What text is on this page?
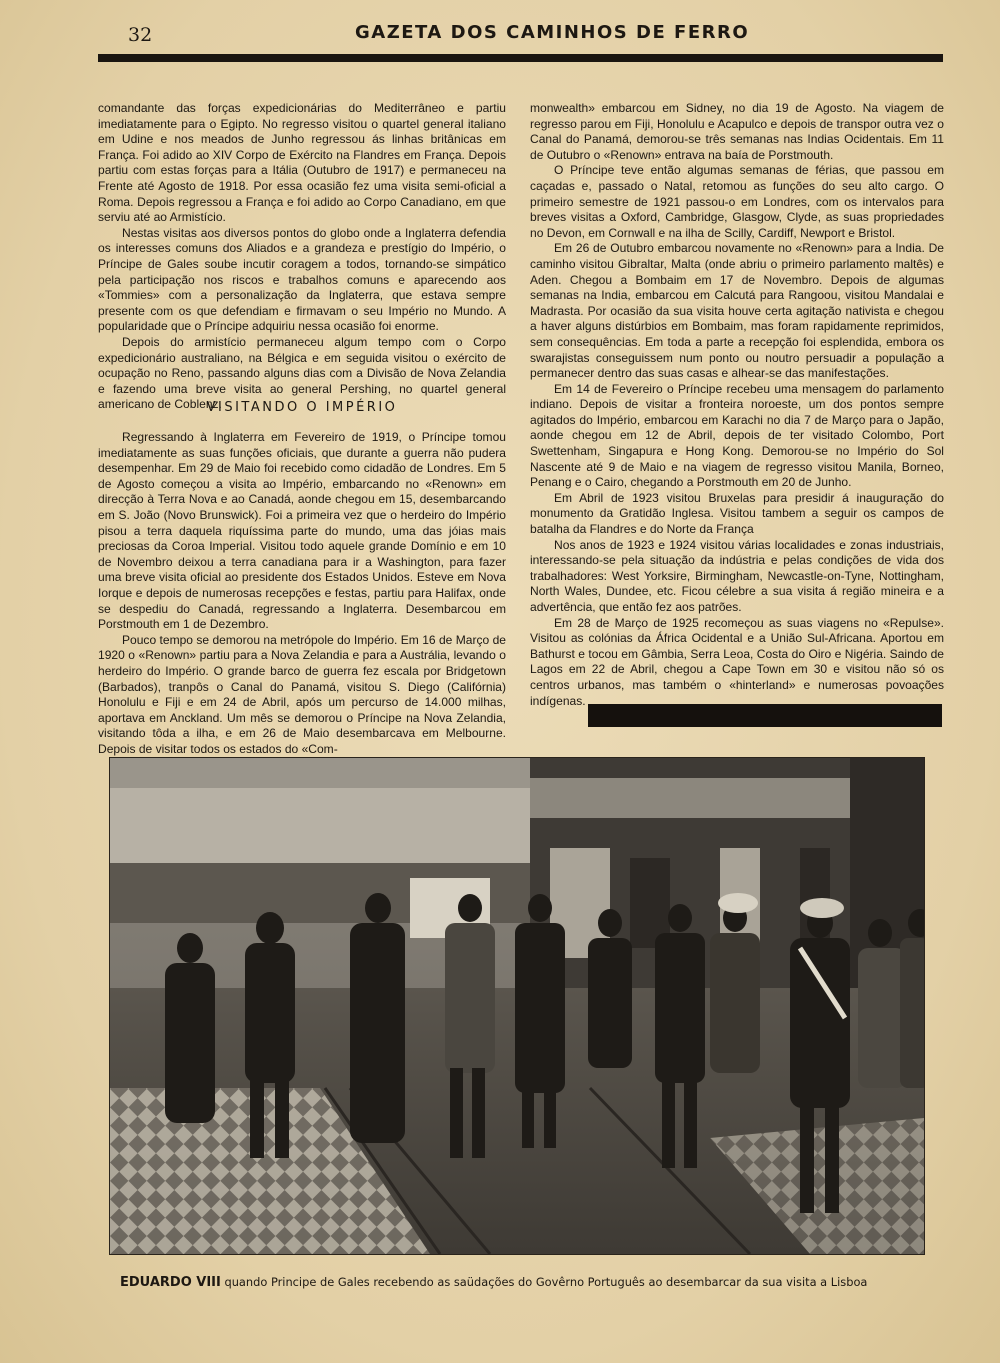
32	GAZETA DOS CAMINHOS DE FERRO

comandante das forças expedicionárias do Mediterrâneo e partiu imediatamente para o Egipto. No regresso visitou o quartel general italiano em Udine e nos meados de Junho regressou ás linhas britânicas em França. Foi adido ao XIV Corpo de Exército na Flandres em França. Depois partiu com estas forças para a Itália (Outubro de 1917) e permaneceu na Frente até Agosto de 1918. Por essa ocasião fez uma visita semi-oficial a Roma. Depois regressou a França e foi adido ao Corpo Canadiano, em que serviu até ao Armistício.

Nestas visitas aos diversos pontos do globo onde a Inglaterra defendia os interesses comuns dos Aliados e a grandeza e prestígio do Império, o Príncipe de Gales soube incutir coragem a todos, tornando-se simpático pela participação nos riscos e trabalhos comuns e aparecendo aos «Tommies» com a personalização da Inglaterra, que estava sempre presente com os que defendiam e firmavam o seu Império no Mundo. A popularidade que o Príncipe adquiriu nessa ocasião foi enorme.

Depois do armistício permaneceu algum tempo com o Corpo expedicionário australiano, na Bélgica e em seguida visitou o exército de ocupação no Reno, passando alguns dias com a Divisão de Nova Zelandia e fazendo uma breve visita ao general Pershing, no quartel general americano de Coblenz.

VISITANDO O IMPÉRIO

Regressando à Inglaterra em Fevereiro de 1919, o Príncipe tomou imediatamente as suas funções oficiais, que durante a guerra não pudera desempenhar. Em 29 de Maio foi recebido como cidadão de Londres. Em 5 de Agosto começou a visita ao Império, embarcando no «Renown» em direcção à Terra Nova e ao Canadá, aonde chegou em 15, desembarcando em S. João (Novo Brunswick). Foi a primeira vez que o herdeiro do Império pisou a terra daquela riquíssima parte do mundo, uma das jóias mais preciosas da Coroa Imperial. Visitou todo aquele grande Domínio e em 10 de Novembro deixou a terra canadiana para ir a Washington, para fazer uma breve visita oficial ao presidente dos Estados Unidos. Esteve em Nova Iorque e depois de numerosas recepções e festas, partiu para Halifax, onde se despediu do Canadá, regressando a Inglaterra. Desembarcou em Porstmouth em 1 de Dezembro.

Pouco tempo se demorou na metrópole do Império. Em 16 de Março de 1920 o «Renown» partiu para a Nova Zelandia e para a Austrália, levando o herdeiro do Império. O grande barco de guerra fez escala por Bridgetown (Barbados), tranpôs o Canal do Panamá, visitou S. Diego (Califórnia) Honolulu e Fiji e em 24 de Abril, após um percurso de 14.000 milhas, aportava em Anckland. Um mês se demorou o Príncipe na Nova Zelandia, visitando tôda a ilha, e em 26 de Maio desembarcava em Melbourne. Depois de visitar todos os estados do «Com-

monwealth» embarcou em Sidney, no dia 19 de Agosto. Na viagem de regresso parou em Fiji, Honolulu e Acapulco e depois de transpor outra vez o Canal do Panamá, demorou-se três semanas nas Indias Ocidentais. Em 11 de Outubro o «Renown» entrava na baía de Porstmouth.

O Príncipe teve então algumas semanas de férias, que passou em caçadas e, passado o Natal, retomou as funções do seu alto cargo. O primeiro semestre de 1921 passou-o em Londres, com os intervalos para breves visitas a Oxford, Cambridge, Glasgow, Clyde, as suas propriedades no Devon, em Cornwall e na ilha de Scilly, Cardiff, Newport e Bristol.

Em 26 de Outubro embarcou novamente no «Renown» para a India. De caminho visitou Gibraltar, Malta (onde abriu o primeiro parlamento maltês) e Aden. Chegou a Bombaim em 17 de Novembro. Depois de algumas semanas na India, embarcou em Calcutá para Rangoou, visitou Mandalai e Madrasta. Por ocasião da sua visita houve certa agitação nativista e chegou a haver alguns distúrbios em Bombaim, mas foram rapidamente reprimidos, sem consequências. Em toda a parte a recepção foi esplendida, embora os swarajistas conseguissem num ponto ou noutro persuadir a população a permanecer dentro das suas casas e alhear-se das manifestações.

Em 14 de Fevereiro o Príncipe recebeu uma mensagem do parlamento indiano. Depois de visitar a fronteira noroeste, um dos pontos sempre agitados do Império, embarcou em Karachi no dia 7 de Março para o Japão, aonde chegou em 12 de Abril, depois de ter visitado Colombo, Port Swettenham, Singapura e Hong Kong. Demorou-se no Império do Sol Nascente até 9 de Maio e na viagem de regresso visitou Manila, Borneo, Penang e o Cairo, chegando a Porstmouth em 20 de Junho.

Em Abril de 1923 visitou Bruxelas para presidir á inauguração do monumento da Gratidão Inglesa. Visitou tambem a seguir os campos de batalha da Flandres e do Norte da França

Nos anos de 1923 e 1924 visitou várias localidades e zonas industriais, interessando-se pela situação da indústria e pelas condições de vida dos trabalhadores: West Yorksire, Birmingham, Newcastle-on-Tyne, Nottingham, North Wales, Dundee, etc. Ficou célebre a sua visita á região mineira e a advertência, que então fez aos patrões.

Em 28 de Março de 1925 recomeçou as suas viagens no «Repulse». Visitou as colónias da África Ocidental e a União Sul-Africana. Aportou em Bathurst e tocou em Gâmbia, Serra Leoa, Costa do Oiro e Nigéria. Saindo de Lagos em 22 de Abril, chegou a Cape Town em 30 e visitou não só os centros urbanos, mas também o «hinterland» e numerosas povoações indígenas.

EDUARDO VIII quando Principe de Gales recebendo as saüdações do Govêrno Português ao desembarcar da sua visita a Lisboa
